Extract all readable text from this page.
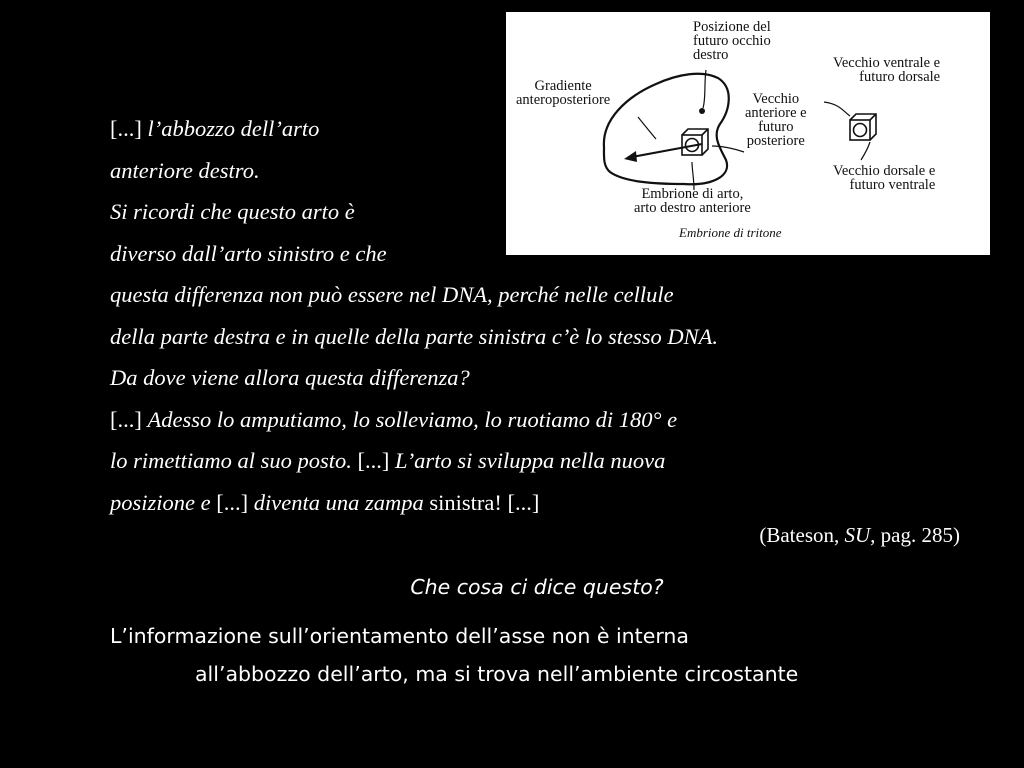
Posizione del
futuro occhio
destro
Gradiente
anteroposteriore	Vecchio
anteriore e
futuro
posteriore
Vecchio ventrale e
futuro dorsale
Vecchio dorsale e
futuro ventrale
Embrione di arto,
arto destro anteriore
Embrione di tritone
[...] l’abbozzo dell’arto
anteriore destro.
Si ricordi che questo arto è
diverso dall’arto sinistro e che
questa differenza non può essere nel DNA, perché nelle cellule
della parte destra e in quelle della parte sinistra c’è lo stesso DNA.
Da dove viene allora questa differenza?
[...] Adesso lo amputiamo, lo solleviamo, lo ruotiamo di 180° e
lo rimettiamo al suo posto. [...] L’arto si sviluppa nella nuova
posizione e [...] diventa una zampa sinistra! [...]
(Bateson, SU, pag. 285)
Che cosa ci dice questo?
L’informazione sull’orientamento dell’asse non è interna
all’abbozzo dell’arto, ma si trova nell’ambiente circostante
